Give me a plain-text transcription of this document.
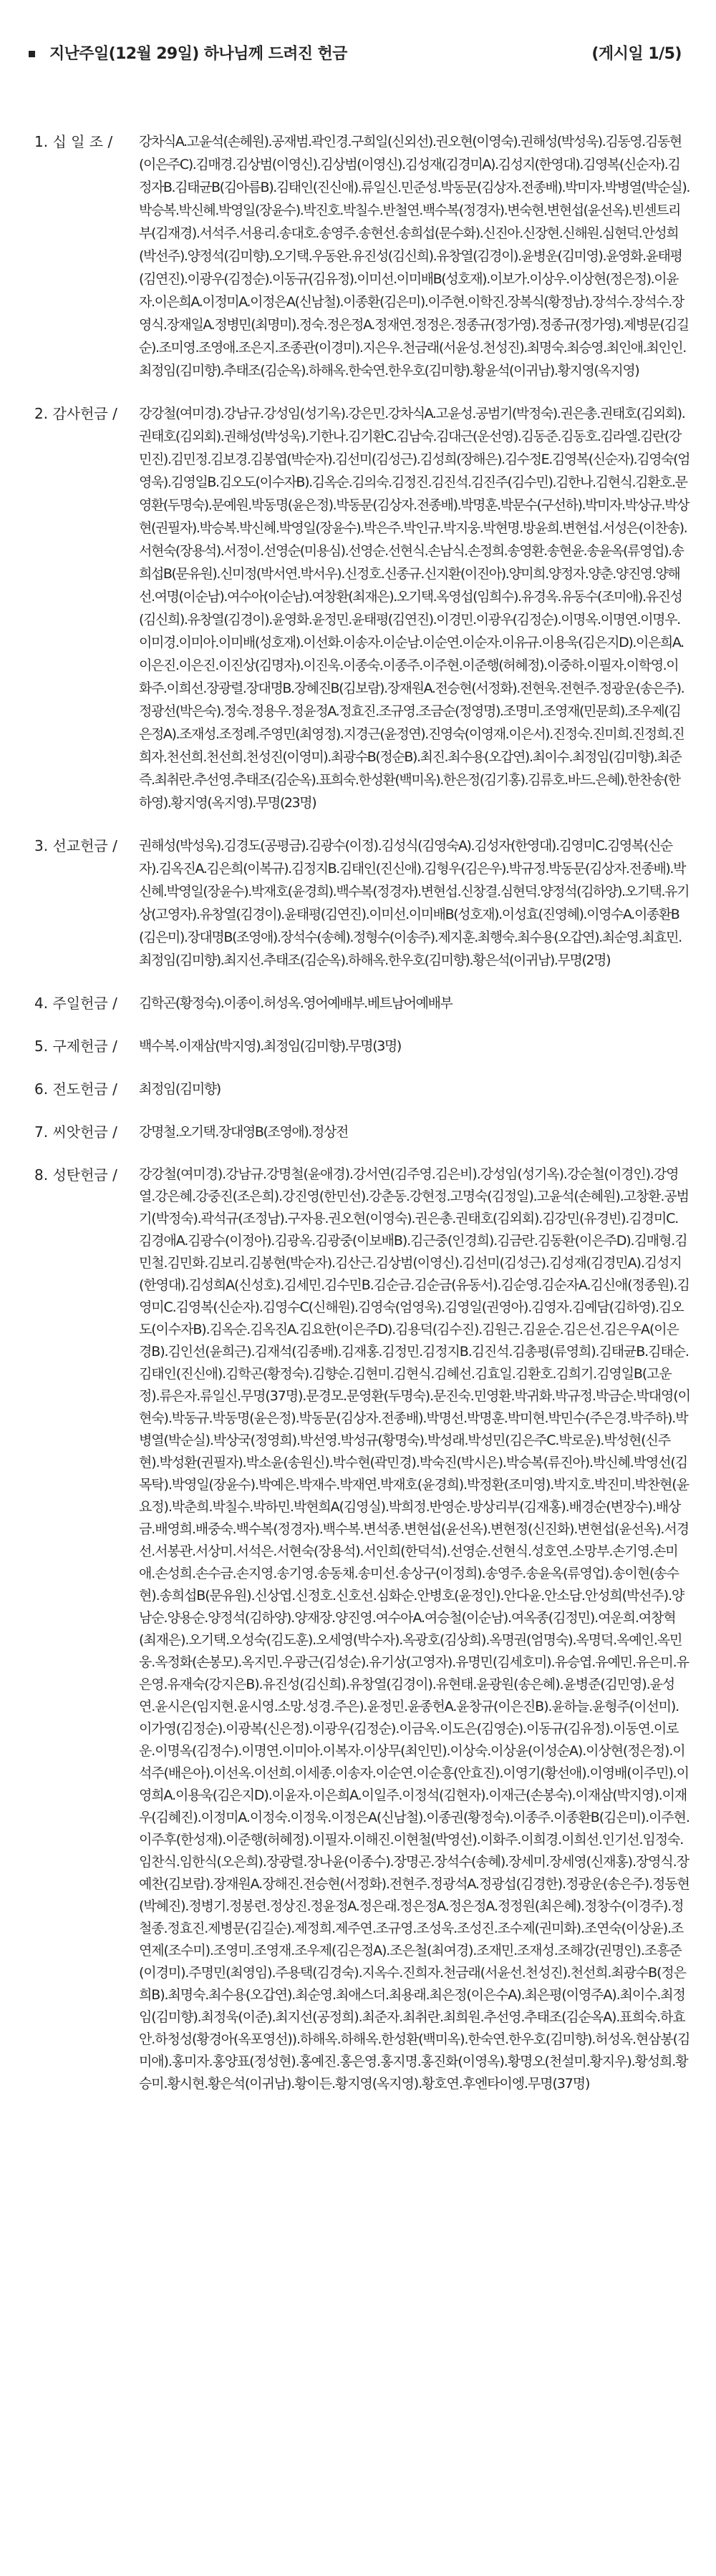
지난주일(12월 29일) 하나님께 드려진 헌금	(게시일 1/5)
1. 십 일 조 /	강차식A.고윤석(손헤원).공재범.곽인경.구희일(신외선).권오현(이영숙).권해성(박성욱).김동영.김동현(이은주C).김매경.김상범(이영신).김상범(이영신).김성재(김경미A).김성지(한영대).김영복(신순자).김정자B.김태균B(김아름B).김태인(진신애).류일신.민준성.박동문(김상자.전종배).박미자.박병열(박순실).박승복.박신혜.박영일(장윤수).박진호.박칠수.반철연.백수복(정경자).변숙현.변현섭(윤선옥).빈센트리부(김재경).서석주.서용리.송대호.송영주.송현선.송희섭(문수화).신진아.신장현.신해원.심현덕.안성희(박선주).양정석(김미향).오기택.우동완.유진성(김신희).유창열(김경이).윤병운(김미영).윤영화.윤태평(김연진).이광우(김정순).이동규(김유정).이미선.이미배B(성호재).이보가.이상우.이상현(정은정).이윤자.이은희A.이정미A.이정은A(신남철).이종환(김은미).이주현.이학진.장복식(황정남).장석수.장석수.장영식.장재일A.정병민(최명미).정숙.정은정A.정재연.정정은.정종규(정가영).정종규(정가영).제병문(김길순).조미영.조영애.조은지.조종관(이경미).지은우.천금래(서윤성.천성진).최명숙.최승영.최인애.최인인.최정임(김미향).추태조(김순옥).하해옥.한숙연.한우호(김미향).황윤석(이귀남).황지영(옥지영)
2. 감사헌금 /	강강철(여미경).강남규.강성임(성기옥).강은민.강차식A.고윤성.공범기(박정숙).권은총.권태호(김외회).권태호(김외회).권해성(박성욱).기한나.김기환C.김남숙.김대근(운선영).김동준.김동호.김라엘.김란(강민진).김민정.김보경.김봉엽(박순자).김선미(김성근).김성희(장해은).김수정E.김영복(신순자).김영숙(엄영욱).김영일B.김오도(이수자B).김옥순.김의숙.김정진.김진석.김진주(김수민).김한나.김현식.김환호.문영환(두명숙).문예원.박동명(윤은정).박동문(김상자.전종배).박명훈.박문수(구선하).박미자.박상규.박상현(권필자).박승복.박신혜.박영일(장윤수).박은주.박인규.박지웅.박현명.방윤희.변현섭.서성은(이찬송).서현숙(장용석).서정이.선영순(미용심).선영순.선현식.손남식.손정희.송영환.송현윤.송윤옥(류영업).송희섭B(문유원).신미정(박서연.박서우).신정호.신종규.신지환(이진아).양미희.양정자.양춘.양진영.양해선.여명(이순남).여수아(이순남).여창환(최재은).오기택.옥영섭(임희수).유경옥.유동수(조미애).유진성(김신희).유창열(김경이).윤영화.윤정민.윤태평(김연진).이경민.이광우(김정순).이명옥.이명연.이명우.이미경.이미아.이미배(성호재).이선화.이송자.이순남.이순연.이순자.이유규.이용욱(김은지D).이은희A.이은진.이은진.이진상(김명자).이진욱.이종숙.이종주.이주현.이준행(허혜정).이중하.이필자.이학영.이화주.이희선.장광렬.장대명B.장혜진B(김보람).장재원A.전승현(서정화).전현욱.전현주.정광운(송은주).정광선(박은숙).정숙.정용우.정윤정A.정효진.조규영.조금순(정영명).조명미.조영재(민문희).조우제(김은정A).조재성.조정례.주영민(최영정).지경근(윤정연).진영숙(이영재.이은서).진정숙.진미희.진정희.진희자.천선희.천선희.천성진(이영미).최광수B(정순B).최진.최수용(오갑연).최이수.최정임(김미향).최준즉.최취란.추선영.추태조(김순옥).표희숙.한성환(백미옥).한은정(김기홍).김류호.바드.은혜).한찬송(한하영).황지영(옥지영).무명(23명)
3. 선교헌금 /	권해성(박성욱).김경도(공평금).김광수(이정).김성식(김영숙A).김성자(한영대).김영미C.김영복(신순자).김옥진A.김은희(이복규).김정지B.김태인(진신애).김형우(김은우).박규정.박동문(김상자.전종배).박신혜.박영일(장윤수).박재호(윤경희).백수복(정경자).변현섭.신창결.심현덕.양정석(김하양).오기택.유기상(고영자).유창열(김경이).윤태평(김연진).이미선.이미배B(성호재).이성효(진영혜).이영수A.이종환B(김은미).장대명B(조영애).장석수(송혜).정형수(이송주).제지훈.최행숙.최수용(오갑연).최순영.최효민.최정임(김미향).최지선.추태조(김순옥).하해옥.한우호(김미향).황은석(이귀남).무명(2명)
4. 주일헌금 /	김학곤(황정숙).이종이.허성옥.영어예배부.베트남어예배부
5. 구제헌금 /	백수복.이재삼(박지영).최정임(김미향).무명(3명)
6. 전도헌금 /	최정임(김미향)
7. 씨앗헌금 /	강명철.오기택.장대영B(조영애).정상전
8. 성탄헌금 /	강강철(여미경).강남규.강명철(윤애경).강서연(김주영.김은비).강성임(성기옥).강순철(이경인).강영열.강은혜.강중진(조은희).강진영(한민선).강춘동.강현정.고명숙(김정일).고윤석(손혜원).고창환.공범기(박정숙).곽석규(조정남).구자용.권오현(이영숙).권은총.권태호(김외회).김강민(유경빈).김경미C.김경애A.김광수(이정아).김광옥.김광중(이보배B).김근중(인경희).김금란.김동환(이은주D).김매형.김민철.김민화.김보리.김봉현(박순자).김산근.김상범(이영신).김선미(김성근).김성재(김경민A).김성지(한영대).김성희A(신성호).김세민.김수민B.김순금.김순금(유동서).김순영.김순자A.김신애(정종원).김영미C.김영복(신순자).김영수C(신해원).김영숙(엄영욱).김영일(권영아).김영자.김예담(김하영).김오도(이수자B).김옥순.김옥진A.김요한(이은주D).김용덕(김수진).김원근.김윤순.김은선.김은우A(이은경B).김인선(윤희근).김재석(김종배).김재홍.김정민.김정지B.김진석.김총평(류영희).김태균B.김태순.김태인(진신애).김학곤(황정숙).김향순.김현미.김현식.김혜선.김효일.김환호.김희기.김영일B(고운정).류은자.류일신.무명(37명).문경모.문영환(두명숙).문진숙.민영환.박귀화.박규정.박금순.박대영(이현숙).박동규.박동명(윤은정).박동문(김상자.전종배).박명선.박명훈.박미현.박민수(주은경.박주하).박병열(박순실).박상국(정영희).박선영.박성규(황명숙).박성래.박성민(김은주C.박로운).박성현(신주현).박성환(권필자).박소윤(송원신).박수현(곽민경).박숙진(박시은).박승복(류진아).박신혜.박영선(김목탁).박영일(장윤수).박예은.박재수.박재연.박재호(윤경희).박정환(조미영).박지호.박진미.박찬현(윤요정).박춘희.박칠수.박하민.박현희A(김영실).박희정.반영순.방상리부(김재홍).배경순(변장수).배상금.배영희.배중숙.백수복(정경자).백수복.변석종.변현섭(윤선옥).변현정(신진화).변현섭(윤선옥).서경선.서봉관.서상미.서석은.서현숙(장용석).서인희(한덕석).선영순.선현식.성호연.소망부.손기영.손미애.손성희.손수금.손지영.송기영.송동채.송미선.송상구(이정희).송영주.송윤옥(류영업).송이현(송수현).송희섭B(문유원).신상엽.신정호.신호선.심화순.안병호(윤정인).안다윤.안소담.안성희(박선주).양남순.양용순.양정석(김하양).양재장.양진영.여수아A.여승철(이순남).여옥종(김정민).여운희.여창혁(최재은).오기택.오성숙(김도훈).오세영(박수자).옥광호(김상희).옥명권(엄명숙).옥명덕.옥예인.옥민웅.옥정화(손봉모).옥지민.우광근(김성순).유기상(고영자).유명민(김세호미).유승엽.유예민.유은미.유은영.유재숙(강지은B).유진성(김신희).유창열(김경이).유현태.윤광원(송은혜).윤병준(김민영).윤성연.윤시은(임지현.윤시영.소망.성경.주은).윤정민.윤종헌A.윤창규(이은진B).윤하늘.윤형주(이선미).이가영(김정순).이광복(신은정).이광우(김정순).이금옥.이도은(김영순).이동규(김유정).이동연.이로운.이명옥(김정수).이명연.이미아.이복자.이상무(최인민).이상숙.이상윤(이성순A).이상현(정은정).이석주(배은아).이선옥.이선희.이세종.이송자.이순연.이순흥(안효진).이영기(황선애).이영배(이주민).이영희A.이용욱(김은지D).이윤자.이은희A.이일주.이정석(김현자).이재근(손봉숙).이재삼(박지영).이재우(김혜진).이정미A.이정숙.이정욱.이정은A(신남철).이종권(황정숙).이종주.이종환B(김은미).이주현.이주후(한성재).이준행(허혜정).이필자.이해진.이현철(박영선).이화주.이희경.이희선.인기선.임정숙.임찬식.임한식(오은희).장광렬.장나윤(이종수).장명곤.장석수(송혜).장세미.장세영(신재홍).장영식.장예찬(김보람).장재원A.장해진.전승현(서정화).전현주.정광석A.정광섭(김경한).정광운(송은주).정동현(박혜진).정병기.정봉련.정상진.정윤정A.정은래.정은정A.정은정A.정정원(최은혜).정창수(이경주).정철종.정효진.제병문(김길순).제정희.제주연.조규영.조성욱.조성진.조수제(권미화).조연숙(이상윤).조연제(조수미).조영미.조영재.조우제(김은정A).조은철(최여경).조재민.조재성.조해강(권명인).조흥준(이경미).주명민(최영임).주용택(김경숙).지옥수.진희자.천금래(서윤선.천성진).천선희.최광수B(정은희B).최명숙.최수용(오갑연).최순영.최애스더.최용래.최은정(이은수A).최은평(이영주A).최이수.최정임(김미향).최정욱(이준).최지선(공정희).최준자.최취란.최희원.추선영.추태조(김순옥A).표희숙.하효안.하청성(황경아(옥포영선)).하해옥.하해옥.한성환(백미옥).한숙연.한우호(김미향).허성옥.현삼봉(김미애).홍미자.홍양표(정성현).홍예진.홍은영.홍지명.홍진화(이영옥).황명오(천설미.황지우).황성희.황승미.황시현.황은석(이귀남).황이든.황지영(옥지영).황호연.후엔타이엥.무명(37명)
